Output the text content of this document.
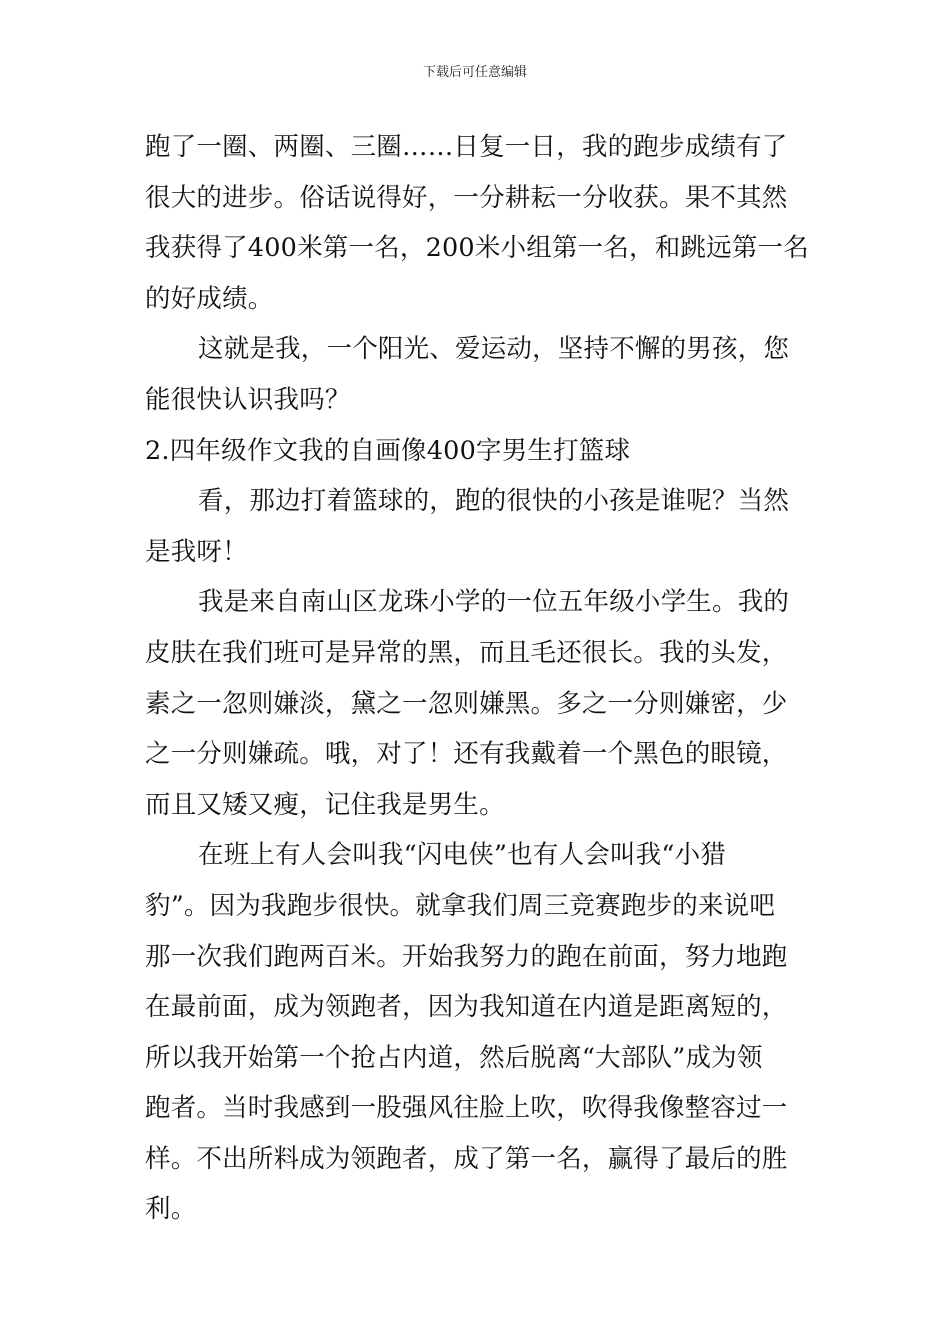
下载后可任意编辑
跑了一圈、两圈、三圈……日复一日，我的跑步成绩有了
很大的进步。俗话说得好，一分耕耘一分收获。果不其然
我获得了400米第一名，200米小组第一名，和跳远第一名
的好成绩。
这就是我，一个阳光、爱运动，坚持不懈的男孩，您
能很快认识我吗？
2.四年级作文我的自画像400字男生打篮球
看，那边打着篮球的，跑的很快的小孩是谁呢？当然
是我呀！
我是来自南山区龙珠小学的一位五年级小学生。我的
皮肤在我们班可是异常的黑，而且毛还很长。我的头发，
素之一忽则嫌淡，黛之一忽则嫌黑。多之一分则嫌密，少
之一分则嫌疏。哦，对了！还有我戴着一个黑色的眼镜，
而且又矮又瘦，记住我是男生。
在班上有人会叫我“闪电侠”也有人会叫我“小猎
豹”。因为我跑步很快。就拿我们周三竞赛跑步的来说吧
那一次我们跑两百米。开始我努力的跑在前面，努力地跑
在最前面，成为领跑者，因为我知道在内道是距离短的，
所以我开始第一个抢占内道，然后脱离“大部队”成为领
跑者。当时我感到一股强风往脸上吹，吹得我像整容过一
样。不出所料成为领跑者，成了第一名，赢得了最后的胜
利。
